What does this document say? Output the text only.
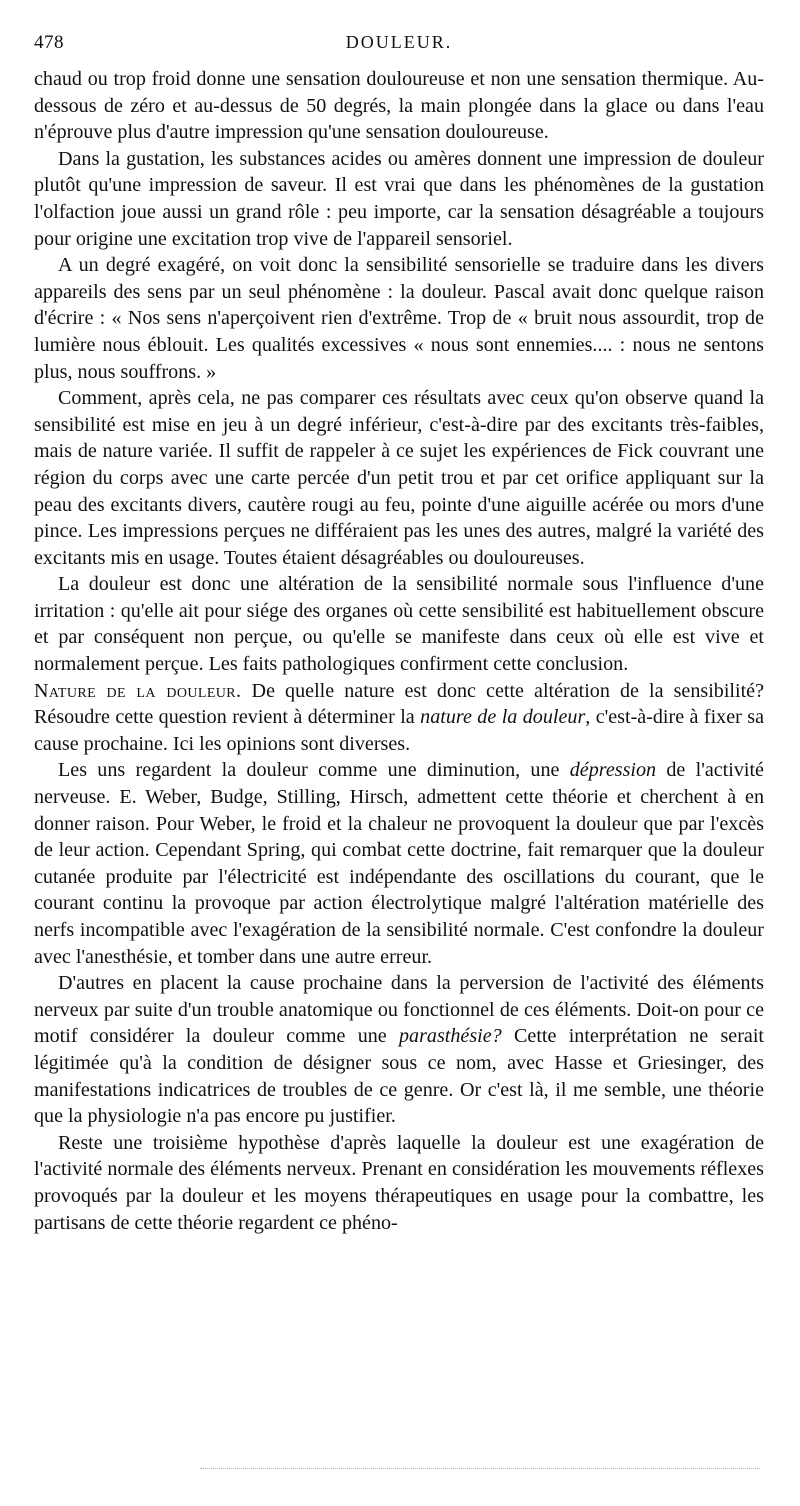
478	DOULEUR.

chaud ou trop froid donne une sensation douloureuse et non une sensation thermique. Au-dessous de zéro et au-dessus de 50 degrés, la main plongée dans la glace ou dans l'eau n'éprouve plus d'autre impression qu'une sensation douloureuse.

Dans la gustation, les substances acides ou amères donnent une impression de douleur plutôt qu'une impression de saveur. Il est vrai que dans les phénomènes de la gustation l'olfaction joue aussi un grand rôle : peu importe, car la sensation désagréable a toujours pour origine une excitation trop vive de l'appareil sensoriel.

A un degré exagéré, on voit donc la sensibilité sensorielle se traduire dans les divers appareils des sens par un seul phénomène : la douleur. Pascal avait donc quelque raison d'écrire : « Nos sens n'aperçoivent rien d'extrême. Trop de « bruit nous assourdit, trop de lumière nous éblouit. Les qualités excessives « nous sont ennemies.... : nous ne sentons plus, nous souffrons. »

Comment, après cela, ne pas comparer ces résultats avec ceux qu'on observe quand la sensibilité est mise en jeu à un degré inférieur, c'est-à-dire par des excitants très-faibles, mais de nature variée. Il suffit de rappeler à ce sujet les expériences de Fick couvrant une région du corps avec une carte percée d'un petit trou et par cet orifice appliquant sur la peau des excitants divers, cautère rougi au feu, pointe d'une aiguille acérée ou mors d'une pince. Les impressions perçues ne différaient pas les unes des autres, malgré la variété des excitants mis en usage. Toutes étaient désagréables ou douloureuses.

La douleur est donc une altération de la sensibilité normale sous l'influence d'une irritation : qu'elle ait pour siége des organes où cette sensibilité est habituellement obscure et par conséquent non perçue, ou qu'elle se manifeste dans ceux où elle est vive et normalement perçue. Les faits pathologiques confirment cette conclusion.

Nature de la douleur. De quelle nature est donc cette altération de la sensibilité? Résoudre cette question revient à déterminer la nature de la douleur, c'est-à-dire à fixer sa cause prochaine. Ici les opinions sont diverses.

Les uns regardent la douleur comme une diminution, une dépression de l'activité nerveuse. E. Weber, Budge, Stilling, Hirsch, admettent cette théorie et cherchent à en donner raison. Pour Weber, le froid et la chaleur ne provoquent la douleur que par l'excès de leur action. Cependant Spring, qui combat cette doctrine, fait remarquer que la douleur cutanée produite par l'électricité est indépendante des oscillations du courant, que le courant continu la provoque par action électrolytique malgré l'altération matérielle des nerfs incompatible avec l'exagération de la sensibilité normale. C'est confondre la douleur avec l'anesthésie, et tomber dans une autre erreur.

D'autres en placent la cause prochaine dans la perversion de l'activité des éléments nerveux par suite d'un trouble anatomique ou fonctionnel de ces éléments. Doit-on pour ce motif considérer la douleur comme une parasthésie? Cette interprétation ne serait légitimée qu'à la condition de désigner sous ce nom, avec Hasse et Griesinger, des manifestations indicatrices de troubles de ce genre. Or c'est là, il me semble, une théorie que la physiologie n'a pas encore pu justifier.

Reste une troisième hypothèse d'après laquelle la douleur est une exagération de l'activité normale des éléments nerveux. Prenant en considération les mouvements réflexes provoqués par la douleur et les moyens thérapeutiques en usage pour la combattre, les partisans de cette théorie regardent ce phéno-
